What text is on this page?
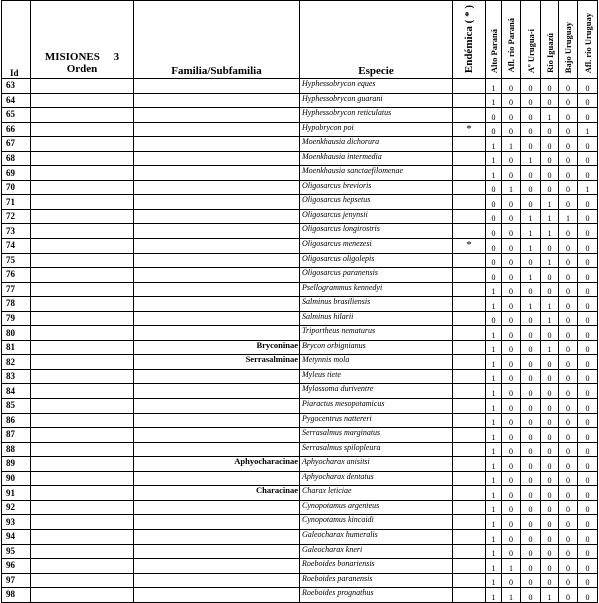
Id	MISIONES     3
Orden	Familia/Subfamilia	Especie	Endémica ( * )	Alto Paraná	Afl. río Paraná	Aº Urugua-i	Río Iguazú	Bajo Uruguay	Afl. río Uruguay
63			Hyphessobrycon eques		1	0	0	0	0	0
64			Hyphessobrycon guarani		1	0	0	0	0	0
65			Hyphessobrycon reticulatus		0	0	0	1	0	0
66			Hypobrycon poi	*	0	0	0	0	0	1
67			Moenkhausia dichorura		1	1	0	0	0	0
68			Moenkhausia intermedia		1	0	1	0	0	0
69			Moenkhausia sanctaefilomenae		1	0	0	0	0	0
70			Oligosarcus brevioris		0	1	0	0	0	1
71			Oligosarcus hepsetus		0	0	0	1	0	0
72			Oligosarcus jenynsii		0	0	1	1	1	0
73			Oligosarcus longirostris		0	0	1	1	0	0
74			Oligosarcus menezesi	*	0	0	1	0	0	0
75			Oligosarcus oligolepis		0	0	0	1	0	0
76			Oligosarcus paranensis		0	0	1	0	0	0
77			Psellogrammus kennedyi		1	0	0	0	0	0
78			Salminus brasiliensis		1	0	1	1	0	0
79			Salminus hilarii		0	0	0	1	0	0
80			Triportheus nematurus		1	0	0	0	0	0
81		Bryconinae	Brycon orbignianus		1	0	0	1	0	0
82		Serrasalminae	Metynnis mola		1	0	0	0	0	0
83			Myleus tiete		1	0	0	0	0	0
84			Mylossoma duriventre		1	0	0	0	0	0
85			Piaractus mesopotamicus		1	0	0	0	0	0
86			Pygocentrus nattereri		1	0	0	0	0	0
87			Serrasalmus marginatus		1	0	0	0	0	0
88			Serrasalmus spilopleura		1	0	0	0	0	0
89		Aphyocharacinae	Aphyocharax anisitsi		1	0	0	0	0	0
90			Aphyocharax dentatus		1	0	0	0	0	0
91		Characinae	Charax leticiae		1	0	0	0	0	0
92			Cynopotamus argenteus		1	0	0	0	0	0
93			Cynopotamus kincaidi		1	0	0	0	0	0
94			Galeocharax humeralis		1	0	0	0	0	0
95			Galeocharax kneri		1	0	0	0	0	0
96			Roeboides bonariensis		1	1	0	0	0	0
97			Roeboides paranensis		1	0	0	0	0	0
98			Roeboides prognathus		1	1	0	1	0	0
